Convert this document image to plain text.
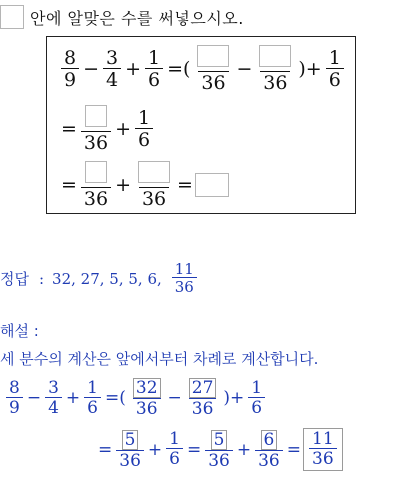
안에 알맞은 수를 써넣으시오.
$\frac{8}{9} - \frac{3}{4} + \frac{1}{6}$ =(
36
−
36
)+ $\frac{1}{6}$
=
36
+ $\frac{1}{6}$
=
36
+
36
=
정답 : 32, 27, 5, 5, 6, $\frac{11}{36}$
해설 :
세 분수의 계산은 앞에서부터 차례로 계산합니다.
$\frac{8}{9} - \frac{3}{4} + \frac{1}{6}$ =( $\frac{32}{36} - \frac{27}{36}$ )+ $\frac{1}{6}$
= $\frac{5}{36} + \frac{1}{6} = \frac{5}{36} + \frac{6}{36} = \frac{11}{36}$
